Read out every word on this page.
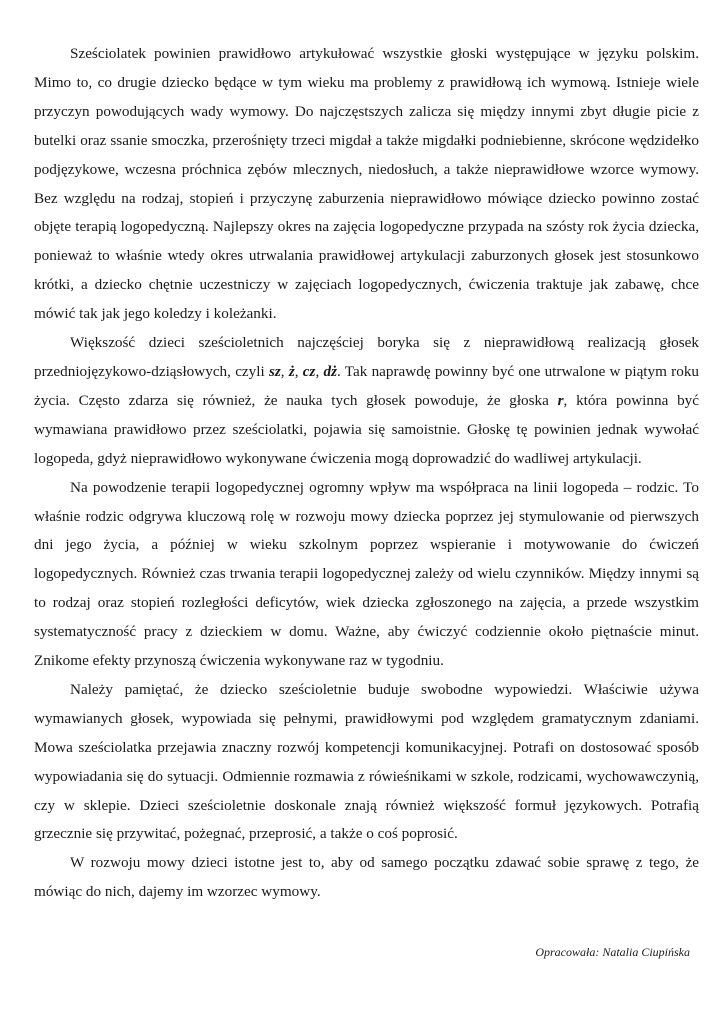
Sześciolatek powinien prawidłowo artykułować wszystkie głoski występujące w języku polskim. Mimo to, co drugie dziecko będące w tym wieku ma problemy z prawidłową ich wymową. Istnieje wiele przyczyn powodujących wady wymowy. Do najczęstszych zalicza się między innymi zbyt długie picie z butelki oraz ssanie smoczka, przerośnięty trzeci migdał a także migdałki podniebienne, skrócone wędzidełko podjęzykowe, wczesna próchnica zębów mlecznych, niedosłuch, a także nieprawidłowe wzorce wymowy. Bez względu na rodzaj, stopień i przyczynę zaburzenia nieprawidłowo mówiące dziecko powinno zostać objęte terapią logopedyczną. Najlepszy okres na zajęcia logopedyczne przypada na szósty rok życia dziecka, ponieważ to właśnie wtedy okres utrwalania prawidłowej artykulacji zaburzonych głosek jest stosunkowo krótki, a dziecko chętnie uczestniczy w zajęciach logopedycznych, ćwiczenia traktuje jak zabawę, chce mówić tak jak jego koledzy i koleżanki.

Większość dzieci sześcioletnich najczęściej boryka się z nieprawidłową realizacją głosek przedniojęzykowo-dziąsłowych, czyli sz, ż, cz, dż. Tak naprawdę powinny być one utrwalone w piątym roku życia. Często zdarza się również, że nauka tych głosek powoduje, że głoska r, która powinna być wymawiana prawidłowo przez sześciolatki, pojawia się samoistnie. Głoskę tę powinien jednak wywołać logopeda, gdyż nieprawidłowo wykonywane ćwiczenia mogą doprowadzić do wadliwej artykulacji.

Na powodzenie terapii logopedycznej ogromny wpływ ma współpraca na linii logopeda – rodzic. To właśnie rodzic odgrywa kluczową rolę w rozwoju mowy dziecka poprzez jej stymulowanie od pierwszych dni jego życia, a później w wieku szkolnym poprzez wspieranie i motywowanie do ćwiczeń logopedycznych. Również czas trwania terapii logopedycznej zależy od wielu czynników. Między innymi są to rodzaj oraz stopień rozległości deficytów, wiek dziecka zgłoszonego na zajęcia, a przede wszystkim systematyczność pracy z dzieckiem w domu. Ważne, aby ćwiczyć codziennie około piętnaście minut. Znikome efekty przynoszą ćwiczenia wykonywane raz w tygodniu.

Należy pamiętać, że dziecko sześcioletnie buduje swobodne wypowiedzi. Właściwie używa wymawianych głosek, wypowiada się pełnymi, prawidłowymi pod względem gramatycznym zdaniami. Mowa sześciolatka przejawia znaczny rozwój kompetencji komunikacyjnej. Potrafi on dostosować sposób wypowiadania się do sytuacji. Odmiennie rozmawia z rówieśnikami w szkole, rodzicami, wychowawczynią, czy w sklepie. Dzieci sześcioletnie doskonale znają również większość formuł językowych. Potrafią grzecznie się przywitać, pożegnać, przeprosić, a także o coś poprosić.

W rozwoju mowy dzieci istotne jest to, aby od samego początku zdawać sobie sprawę z tego, że mówiąc do nich, dajemy im wzorzec wymowy.

Opracowała: Natalia Ciupińska
